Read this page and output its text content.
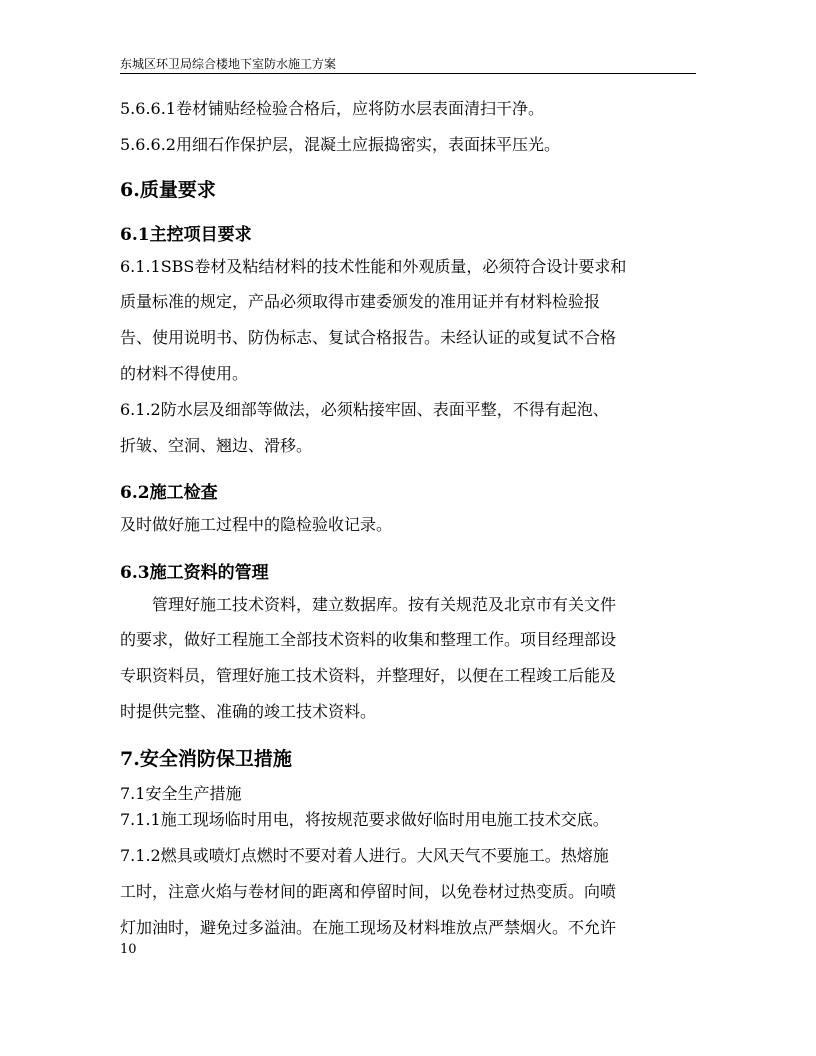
东城区环卫局综合楼地下室防水施工方案
5.6.6.1卷材铺贴经检验合格后，应将防水层表面清扫干净。
5.6.6.2用细石作保护层，混凝土应振捣密实，表面抹平压光。
6.质量要求
6.1主控项目要求
6.1.1SBS卷材及粘结材料的技术性能和外观质量，必须符合设计要求和
质量标准的规定，产品必须取得市建委颁发的准用证并有材料检验报
告、使用说明书、防伪标志、复试合格报告。未经认证的或复试不合格
的材料不得使用。
6.1.2防水层及细部等做法，必须粘接牢固、表面平整，不得有起泡、
折皱、空洞、翘边、滑移。
6.2施工检查
及时做好施工过程中的隐检验收记录。
6.3施工资料的管理
管理好施工技术资料，建立数据库。按有关规范及北京市有关文件
的要求，做好工程施工全部技术资料的收集和整理工作。项目经理部设
专职资料员，管理好施工技术资料，并整理好，以便在工程竣工后能及
时提供完整、准确的竣工技术资料。
7.安全消防保卫措施
7.1安全生产措施
7.1.1施工现场临时用电，将按规范要求做好临时用电施工技术交底。
7.1.2燃具或喷灯点燃时不要对着人进行。大风天气不要施工。热熔施
工时，注意火焰与卷材间的距离和停留时间，以免卷材过热变质。向喷
灯加油时，避免过多溢油。在施工现场及材料堆放点严禁烟火。不允许
10
